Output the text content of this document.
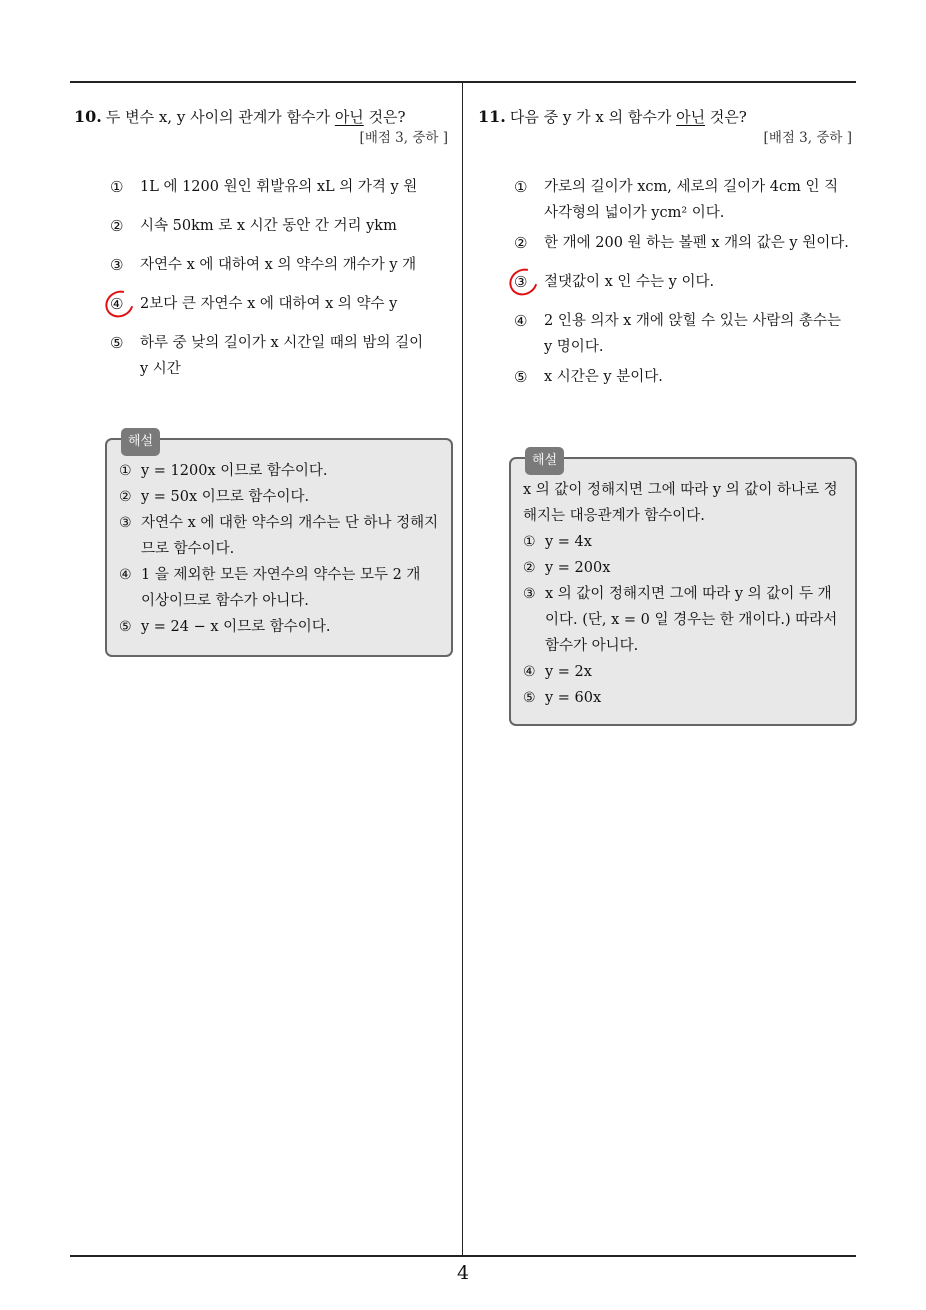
10. 두 변수 x, y 사이의 관계가 함수가 아닌 것은?
[배점 3, 중하 ]
① 1L 에 1200 원인 휘발유의 xL 의 가격 y 원
② 시속 50km 로 x 시간 동안 간 거리 ykm
③ 자연수 x 에 대하여 x 의 약수의 개수가 y 개
④ 2보다 큰 자연수 x 에 대하여 x 의 약수 y
⑤ 하루 중 낮의 길이가 x 시간일 때의 밤의 길이 y 시간
해설
① y = 1200x 이므로 함수이다.
② y = 50x 이므로 함수이다.
③ 자연수 x 에 대한 약수의 개수는 단 하나 정해지므로 함수이다.
④ 1 을 제외한 모든 자연수의 약수는 모두 2 개 이상이므로 함수가 아니다.
⑤ y = 24 − x 이므로 함수이다.
11. 다음 중 y 가 x 의 함수가 아닌 것은?
[배점 3, 중하 ]
① 가로의 길이가 xcm, 세로의 길이가 4cm 인 직사각형의 넓이가 ycm² 이다.
② 한 개에 200 원 하는 볼펜 x 개의 값은 y 원이다.
③ 절댓값이 x 인 수는 y 이다.
④ 2 인용 의자 x 개에 앉힐 수 있는 사람의 총수는 y 명이다.
⑤ x 시간은 y 분이다.
해설
x 의 값이 정해지면 그에 따라 y 의 값이 하나로 정해지는 대응관계가 함수이다.
① y = 4x
② y = 200x
③ x 의 값이 정해지면 그에 따라 y 의 값이 두 개이다. (단, x = 0 일 경우는 한 개이다.) 따라서 함수가 아니다.
④ y = 2x
⑤ y = 60x
4
